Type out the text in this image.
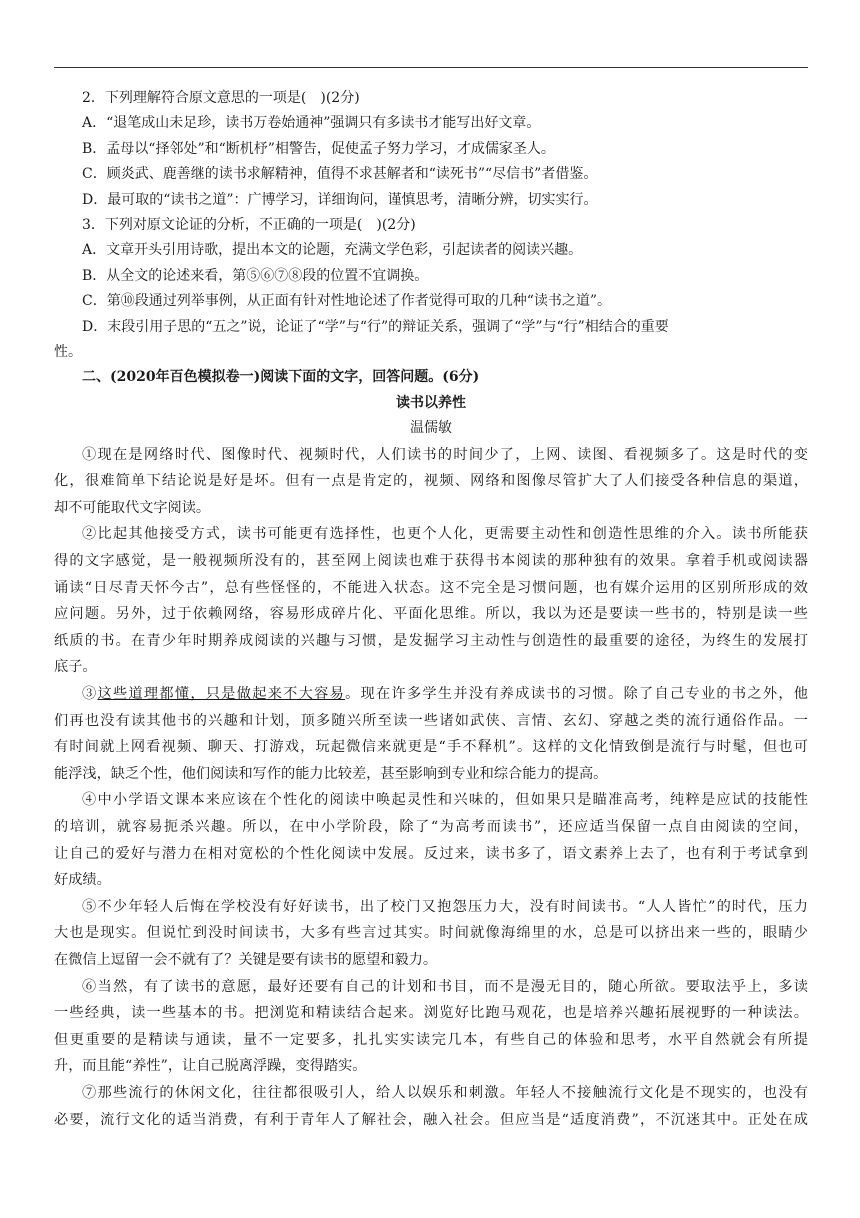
2．下列理解符合原文意思的一项是(　)(2分)

A．“退笔成山未足珍，读书万卷始通神”强调只有多读书才能写出好文章。

B．孟母以“择邻处”和“断机杼”相警告，促使孟子努力学习，才成儒家圣人。

C．顾炎武、鹿善继的读书求解精神，值得不求甚解者和“读死书”“尽信书”者借鉴。

D．最可取的“读书之道”：广博学习，详细询问，谨慎思考，清晰分辨，切实实行。

3．下列对原文论证的分析，不正确的一项是(　)(2分)

A．文章开头引用诗歌，提出本文的论题，充满文学色彩，引起读者的阅读兴趣。

B．从全文的论述来看，第⑤⑥⑦⑧段的位置不宜调换。

C．第⑩段通过列举事例，从正面有针对性地论述了作者觉得可取的几种“读书之道”。

D．末段引用子思的“五之”说，论证了“学”与“行”的辩证关系，强调了“学”与“行”相结合的重要

性。

二、(2020年百色模拟卷一)阅读下面的文字，回答问题。(6分)

读书以养性

温儒敏

①现在是网络时代、图像时代、视频时代，人们读书的时间少了，上网、读图、看视频多了。这是时代的变
化，很难简单下结论说是好是坏。但有一点是肯定的，视频、网络和图像尽管扩大了人们接受各种信息的渠道，
却不可能取代文字阅读。
②比起其他接受方式，读书可能更有选择性，也更个人化，更需要主动性和创造性思维的介入。读书所能获
得的文字感觉，是一般视频所没有的，甚至网上阅读也难于获得书本阅读的那种独有的效果。拿着手机或阅读器
诵读“日尽青天怀今古”，总有些怪怪的，不能进入状态。这不完全是习惯问题，也有媒介运用的区别所形成的效
应问题。另外，过于依赖网络，容易形成碎片化、平面化思维。所以，我以为还是要读一些书的，特别是读一些
纸质的书。在青少年时期养成阅读的兴趣与习惯，是发掘学习主动性与创造性的最重要的途径，为终生的发展打
底子。
③这些道理都懂，只是做起来不大容易。现在许多学生并没有养成读书的习惯。除了自己专业的书之外，他
们再也没有读其他书的兴趣和计划，顶多随兴所至读一些诸如武侠、言情、玄幻、穿越之类的流行通俗作品。一
有时间就上网看视频、聊天、打游戏，玩起微信来就更是“手不释机”。这样的文化情致倒是流行与时髦，但也可
能浮浅，缺乏个性，他们阅读和写作的能力比较差，甚至影响到专业和综合能力的提高。
④中小学语文课本来应该在个性化的阅读中唤起灵性和兴味的，但如果只是瞄准高考，纯粹是应试的技能性
的培训，就容易扼杀兴趣。所以，在中小学阶段，除了“为高考而读书”，还应适当保留一点自由阅读的空间，
让自己的爱好与潜力在相对宽松的个性化阅读中发展。反过来，读书多了，语文素养上去了，也有利于考试拿到
好成绩。
⑤不少年轻人后悔在学校没有好好读书，出了校门又抱怨压力大，没有时间读书。“人人皆忙”的时代，压力
大也是现实。但说忙到没时间读书，大多有些言过其实。时间就像海绵里的水，总是可以挤出来一些的，眼睛少
在微信上逗留一会不就有了？关键是要有读书的愿望和毅力。
⑥当然，有了读书的意愿，最好还要有自己的计划和书目，而不是漫无目的，随心所欲。要取法乎上，多读
一些经典，读一些基本的书。把浏览和精读结合起来。浏览好比跑马观花，也是培养兴趣拓展视野的一种读法。
但更重要的是精读与通读，量不一定要多，扎扎实实读完几本，有些自己的体验和思考，水平自然就会有所提
升，而且能“养性”，让自己脱离浮躁，变得踏实。
⑦那些流行的休闲文化，往往都很吸引人，给人以娱乐和刺激。年轻人不接触流行文化是不现实的，也没有
必要，流行文化的适当消费，有利于青年人了解社会，融入社会。但应当是“适度消费”，不沉迷其中。正处在成
